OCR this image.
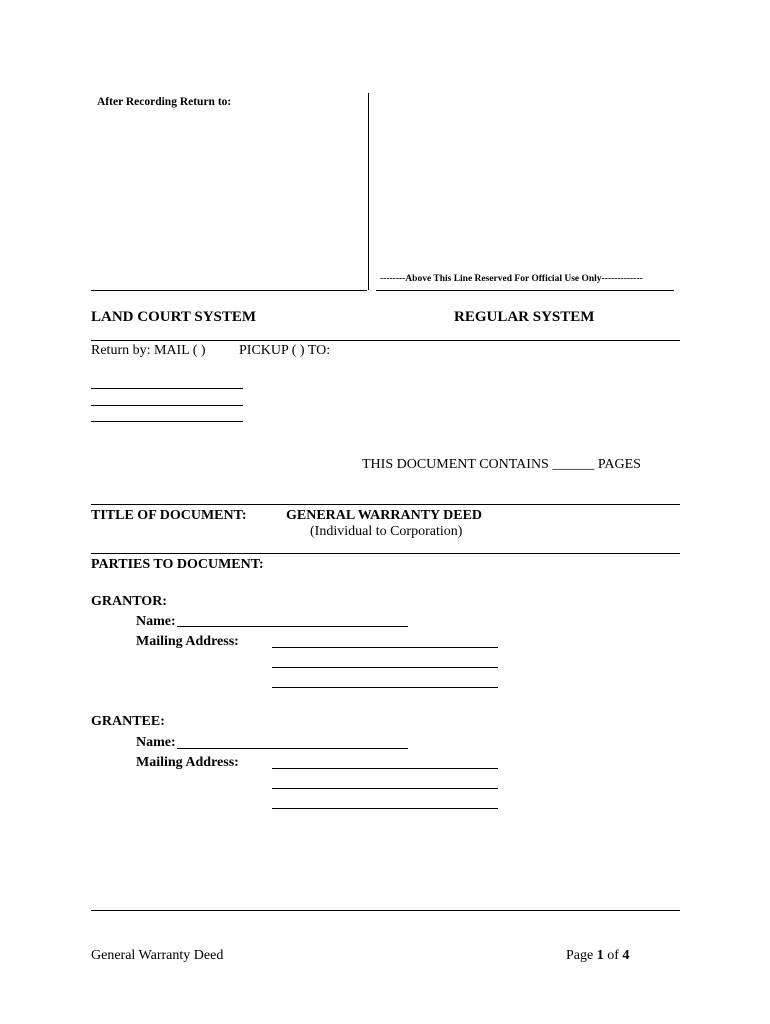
After Recording Return to:
--------Above This Line Reserved For Official Use Only-------------
LAND COURT SYSTEM	REGULAR SYSTEM
Return by: MAIL ( ) PICKUP ( ) TO:
THIS DOCUMENT CONTAINS ______ PAGES
TITLE OF DOCUMENT:	GENERAL WARRANTY DEED
(Individual to Corporation)
PARTIES TO DOCUMENT:
GRANTOR:
Name:
Mailing Address:
GRANTEE:
Name:
Mailing Address:
General Warranty Deed	Page 1 of 4
